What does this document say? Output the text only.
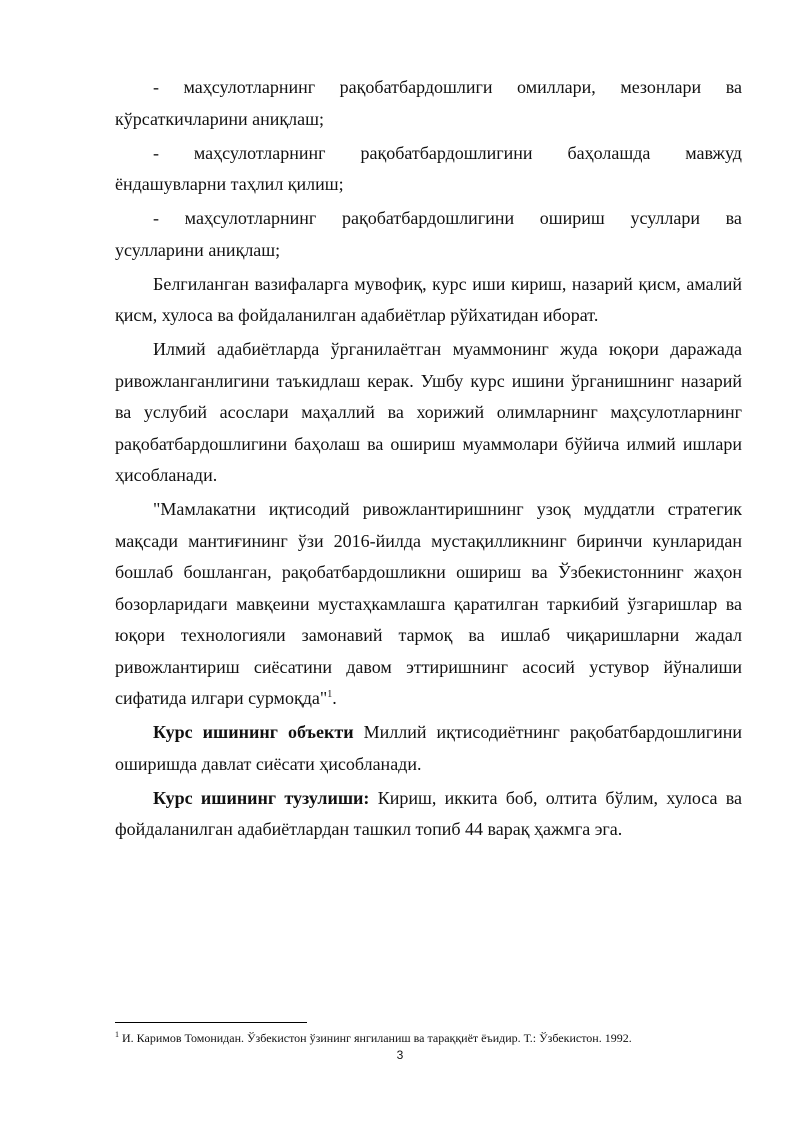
- маҳсулотларнинг рақобатбардошлиги омиллари, мезонлари ва
кўрсаткичларини аниқлаш;
- маҳсулотларнинг рақобатбардошлигини баҳолашда мавжуд
ёндашувларни таҳлил қилиш;
- маҳсулотларнинг рақобатбардошлигини ошириш усуллари ва
усулларини аниқлаш;

Белгиланган вазифаларга мувофиқ, курс иши кириш, назарий қисм, амалий қисм, хулоса ва фойдаланилган адабиётлар рўйхатидан иборат.

Илмий адабиётларда ўрганилаётган муаммонинг жуда юқори даражада ривожланганлигини таъкидлаш керак. Ушбу курс ишини ўрганишнинг назарий ва услубий асослари маҳаллий ва хорижий олимларнинг маҳсулотларнинг рақобатбардошлигини баҳолаш ва ошириш муаммолари бўйича илмий ишлари ҳисобланади.

"Мамлакатни иқтисодий ривожлантиришнинг узоқ муддатли стратегик мақсади мантиғининг ўзи 2016-йилда мустақилликнинг биринчи кунларидан бошлаб бошланган, рақобатбардошликни ошириш ва Ўзбекистоннинг жаҳон бозорларидаги мавқеини мустаҳкамлашга қаратилган таркибий ўзгаришлар ва юқори технологияли замонавий тармоқ ва ишлаб чиқаришларни жадал ривожлантириш сиёсатини давом эттиришнинг асосий устувор йўналиши сифатида илгари сурмоқда"$^1$.

Курс ишининг объекти Миллий иқтисодиётнинг рақобатбардошлигини оширишда давлат сиёсати ҳисобланади.

Курс ишининг тузулиши: Кириш, иккита боб, олтита бўлим, хулоса ва фойдаланилган адабиётлардан ташкил топиб 44 варақ ҳажмга эга.

$^1$ И. Каримов Томонидан. Ўзбекистон ўзининг янгиланиш ва тараққиёт ёъидир. Т.: Ўзбекистон. 1992.
3
